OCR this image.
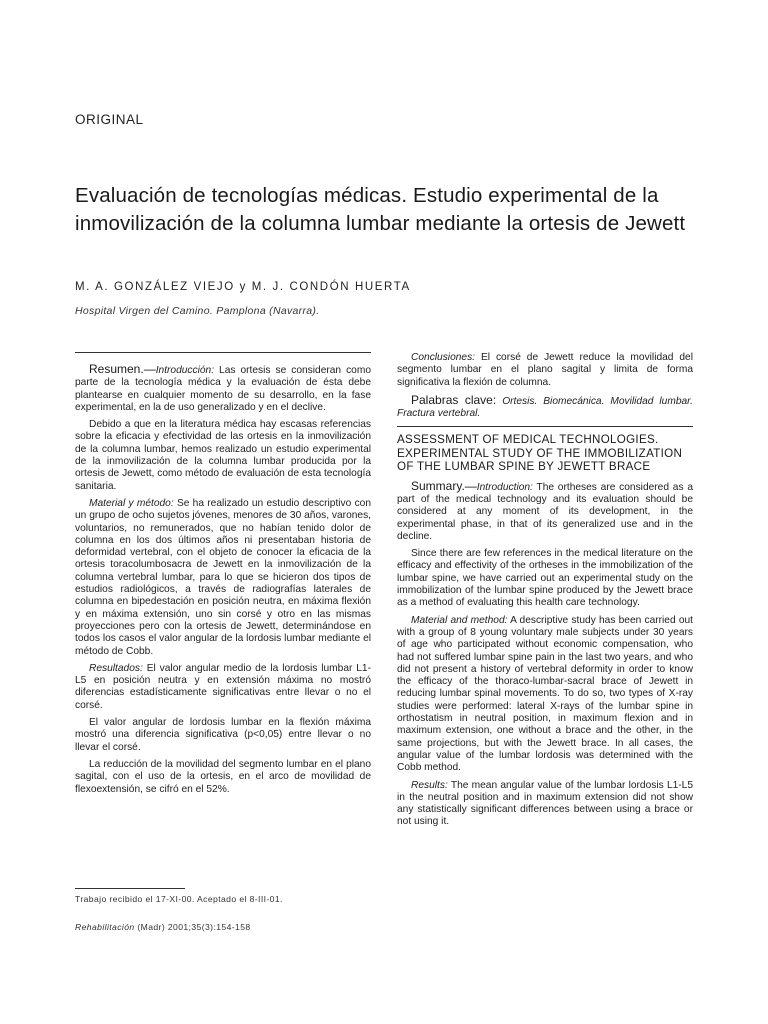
ORIGINAL
Evaluación de tecnologías médicas. Estudio experimental de la inmovilización de la columna lumbar mediante la ortesis de Jewett
M. A. GONZÁLEZ VIEJO y M. J. CONDÓN HUERTA
Hospital Virgen del Camino. Pamplona (Navarra).

Resumen.—Introducción: Las ortesis se consideran como parte de la tecnología médica y la evaluación de ésta debe plantearse en cualquier momento de su desarrollo, en la fase experimental, en la de uso generalizado y en el declive.

Debido a que en la literatura médica hay escasas referencias sobre la eficacia y efectividad de las ortesis en la inmovilización de la columna lumbar, hemos realizado un estudio experimental de la inmovilización de la columna lumbar producida por la ortesis de Jewett, como método de evaluación de esta tecnología sanitaria.

Material y método: Se ha realizado un estudio descriptivo con un grupo de ocho sujetos jóvenes, menores de 30 años, varones, voluntarios, no remunerados, que no habían tenido dolor de columna en los dos últimos años ni presentaban historia de deformidad vertebral, con el objeto de conocer la eficacia de la ortesis toracolumbosacra de Jewett en la inmovilización de la columna vertebral lumbar, para lo que se hicieron dos tipos de estudios radiológicos, a través de radiografías laterales de columna en bipedestación en posición neutra, en máxima flexión y en máxima extensión, uno sin corsé y otro en las mismas proyecciones pero con la ortesis de Jewett, determinándose en todos los casos el valor angular de la lordosis lumbar mediante el método de Cobb.

Resultados: El valor angular medio de la lordosis lumbar L1-L5 en posición neutra y en extensión máxima no mostró diferencias estadísticamente significativas entre llevar o no el corsé.

El valor angular de lordosis lumbar en la flexión máxima mostró una diferencia significativa (p<0,05) entre llevar o no llevar el corsé.

La reducción de la movilidad del segmento lumbar en el plano sagital, con el uso de la ortesis, en el arco de movilidad de flexoextensión, se cifró en el 52%.

Conclusiones: El corsé de Jewett reduce la movilidad del segmento lumbar en el plano sagital y limita de forma significativa la flexión de columna.

Palabras clave: Ortesis. Biomecánica. Movilidad lumbar. Fractura vertebral.

ASSESSMENT OF MEDICAL TECHNOLOGIES. EXPERIMENTAL STUDY OF THE IMMOBILIZATION OF THE LUMBAR SPINE BY JEWETT BRACE

Summary.—Introduction: The ortheses are considered as a part of the medical technology and its evaluation should be considered at any moment of its development, in the experimental phase, in that of its generalized use and in the decline.

Since there are few references in the medical literature on the efficacy and effectivity of the ortheses in the immobilization of the lumbar spine, we have carried out an experimental study on the immobilization of the lumbar spine produced by the Jewett brace as a method of evaluating this health care technology.

Material and method: A descriptive study has been carried out with a group of 8 young voluntary male subjects under 30 years of age who participated without economic compensation, who had not suffered lumbar spine pain in the last two years, and who did not present a history of vertebral deformity in order to know the efficacy of the thoraco-lumbar-sacral brace of Jewett in reducing lumbar spinal movements. To do so, two types of X-ray studies were performed: lateral X-rays of the lumbar spine in orthostatism in neutral position, in maximum flexion and in maximum extension, one without a brace and the other, in the same projections, but with the Jewett brace. In all cases, the angular value of the lumbar lordosis was determined with the Cobb method.

Results: The mean angular value of the lumbar lordosis L1-L5 in the neutral position and in maximum extension did not show any statistically significant differences between using a brace or not using it.

Trabajo recibido el 17-XI-00. Aceptado el 8-III-01.
Rehabilitación (Madr) 2001;35(3):154-158
